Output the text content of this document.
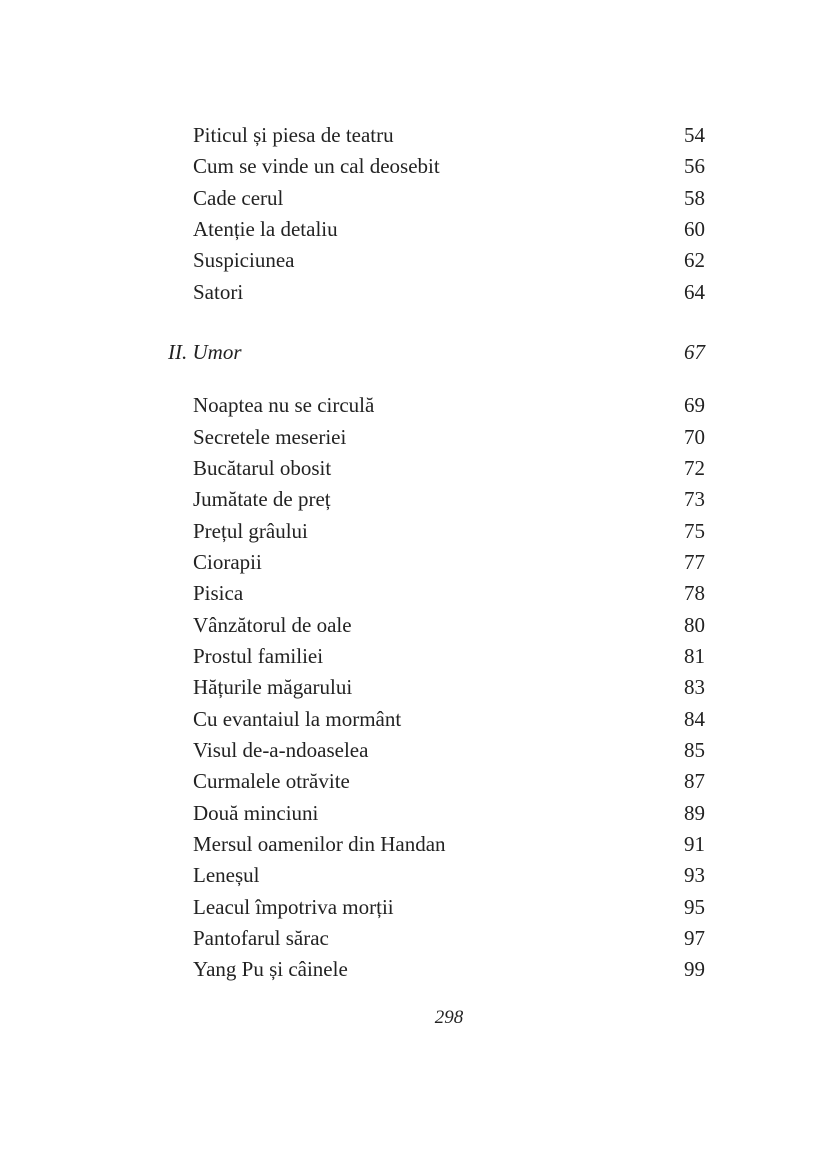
Piticul și piesa de teatru	54
Cum se vinde un cal deosebit	56
Cade cerul	58
Atenție la detaliu	60
Suspiciunea	62
Satori	64
II. Umor	67
Noaptea nu se circulă	69
Secretele meseriei	70
Bucătarul obosit	72
Jumătate de preț	73
Prețul grâului	75
Ciorapii	77
Pisica	78
Vânzătorul de oale	80
Prostul familiei	81
Hățurile măgarului	83
Cu evantaiul la mormânt	84
Visul de-a-ndoaselea	85
Curmalele otrăvite	87
Două minciuni	89
Mersul oamenilor din Handan	91
Leneșul	93
Leacul împotriva morții	95
Pantofarul sărac	97
Yang Pu și câinele	99
298
